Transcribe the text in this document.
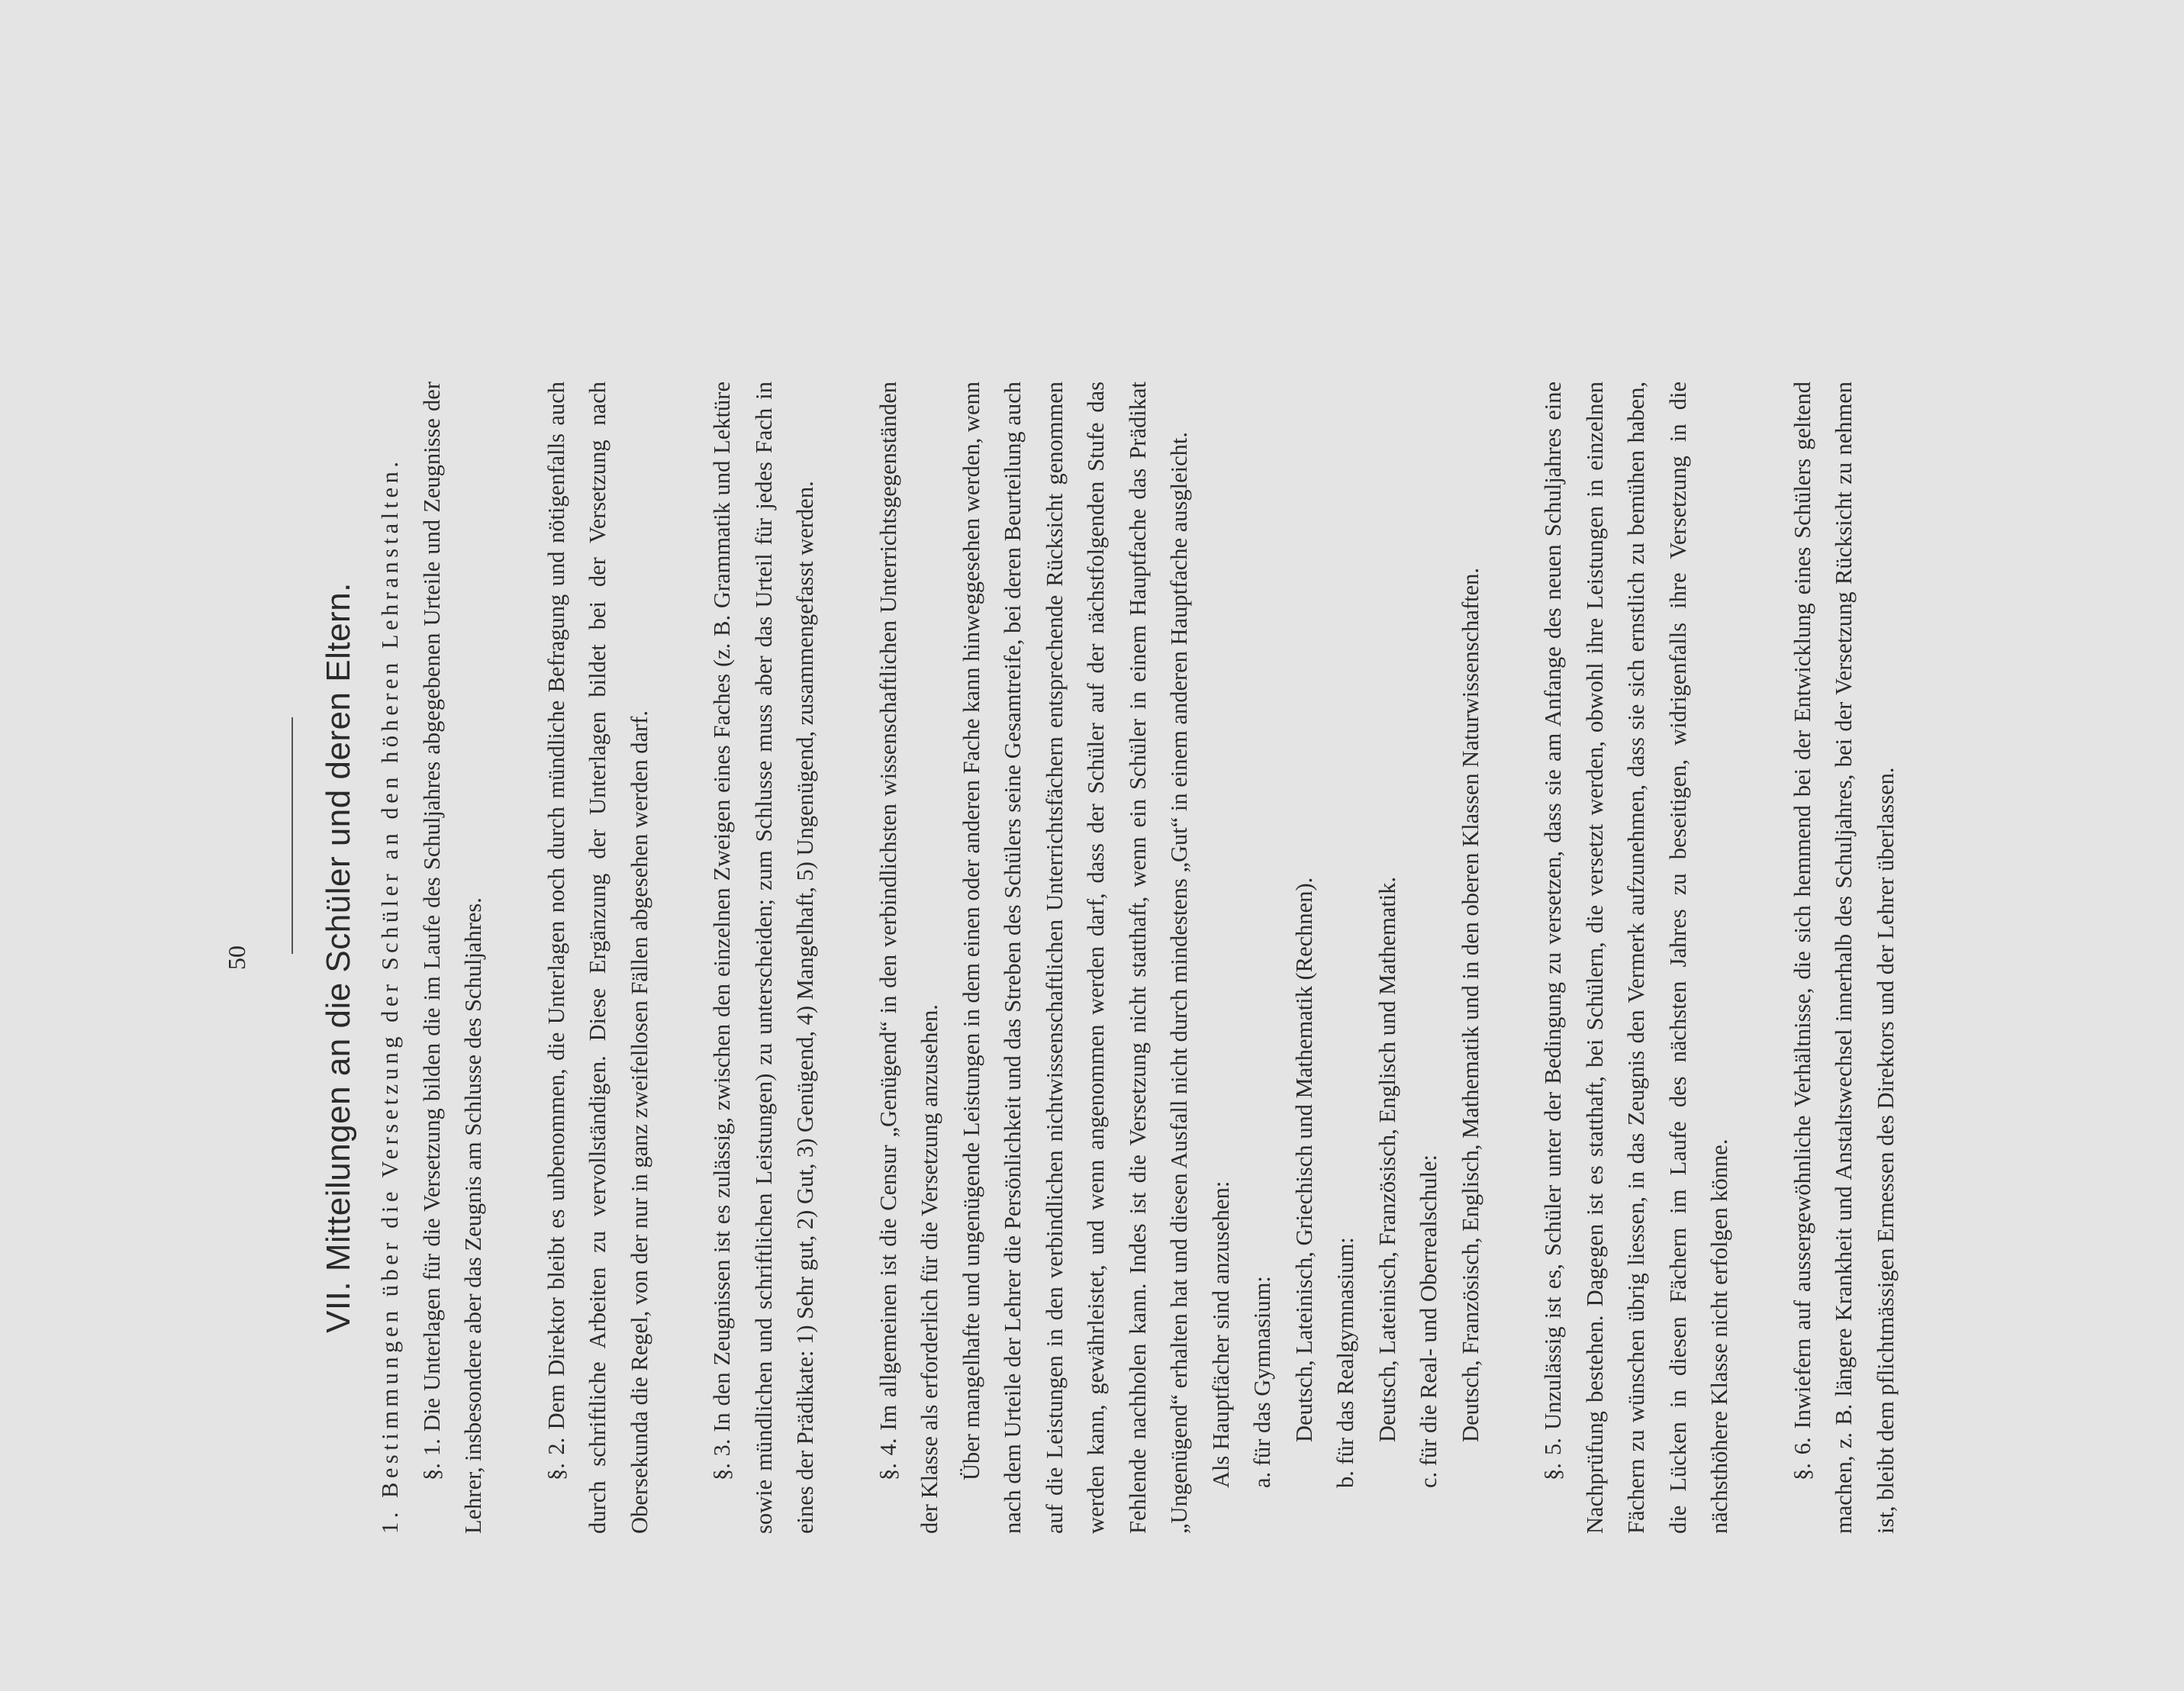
50 VII. Mitteilungen an die Schüler und deren Eltern. 1. Bestimmungen über die Versetzung der Schüler an den höheren Lehranstalten. §. 1. Die Unterlagen für die Versetzung bilden die im Laufe des Schuljahres abgegebenen Urteile und Zeugnisse der Lehrer, insbesondere aber das Zeugnis am Schlusse des Schuljahres.	§. 2. Dem Direktor bleibt es unbenommen, die Unterlagen noch durch mündliche Befragung und nötigenfalls auch durch schriftliche Arbeiten zu vervollständigen. Diese Ergänzung der Unterlagen bildet bei der Versetzung nach Obersekunda die Regel, von der nur in ganz zweifellosen Fällen abgesehen werden darf.	§. 3. In den Zeugnissen ist es zulässig, zwischen den einzelnen Zweigen eines Faches (z. B. Grammatik und Lektüre sowie mündlichen und schriftlichen Leistungen) zu unterscheiden; zum Schlusse muss aber das Urteil für jedes Fach in eines der Prädikate: 1) Sehr gut, 2) Gut, 3) Genügend, 4) Mangelhaft, 5) Ungenügend, zusammengefasst werden.	§. 4. Im allgemeinen ist die Censur „Genügend“ in den verbindlichsten wissenschaftlichen Unterrichtsgegenständen der Klasse als erforderlich für die Versetzung anzusehen. Über mangelhafte und ungenügende Leistungen in dem einen oder anderen Fache kann hinweggesehen werden, wenn nach dem Urteile der Lehrer die Persönlichkeit und das Streben des Schülers seine Gesamtreife, bei deren Beurteilung auch auf die Leistungen in den verbindlichen nichtwissenschaftlichen Unterrichtsfächern entsprechende Rücksicht genommen werden kann, gewährleistet, und wenn angenommen werden darf, dass der Schüler auf der nächstfolgenden Stufe das Fehlende nachholen kann. Indes ist die Versetzung nicht statthaft, wenn ein Schüler in einem Hauptfache das Prädikat „Ungenügend“ erhalten hat und diesen Ausfall nicht durch mindestens „Gut“ in einem anderen Hauptfache ausgleicht. Als Hauptfächer sind anzusehen: a. für das Gymnasium: Deutsch, Lateinisch, Griechisch und Mathematik (Rechnen). b. für das Realgymnasium: Deutsch, Lateinisch, Französisch, Englisch und Mathematik. c. für die Real- und Oberrealschule: Deutsch, Französisch, Englisch, Mathematik und in den oberen Klassen Naturwissenschaften.	§. 5. Unzulässig ist es, Schüler unter der Bedingung zu versetzen, dass sie am Anfange des neuen Schuljahres eine Nachprüfung bestehen. Dagegen ist es statthaft, bei Schülern, die versetzt werden, obwohl ihre Leistungen in einzelnen Fächern zu wünschen übrig liessen, in das Zeugnis den Vermerk aufzunehmen, dass sie sich ernstlich zu bemühen haben, die Lücken in diesen Fächern im Laufe des nächsten Jahres zu beseitigen, widrigenfalls ihre Versetzung in die nächsthöhere Klasse nicht erfolgen könne.	§. 6. Inwiefern auf aussergewöhnliche Verhältnisse, die sich hemmend bei der Entwicklung eines Schülers geltend machen, z. B. längere Krankheit und Anstaltswechsel innerhalb des Schuljahres, bei der Versetzung Rücksicht zu nehmen ist, bleibt dem pflichtmässigen Ermessen des Direktors und der Lehrer überlassen.
